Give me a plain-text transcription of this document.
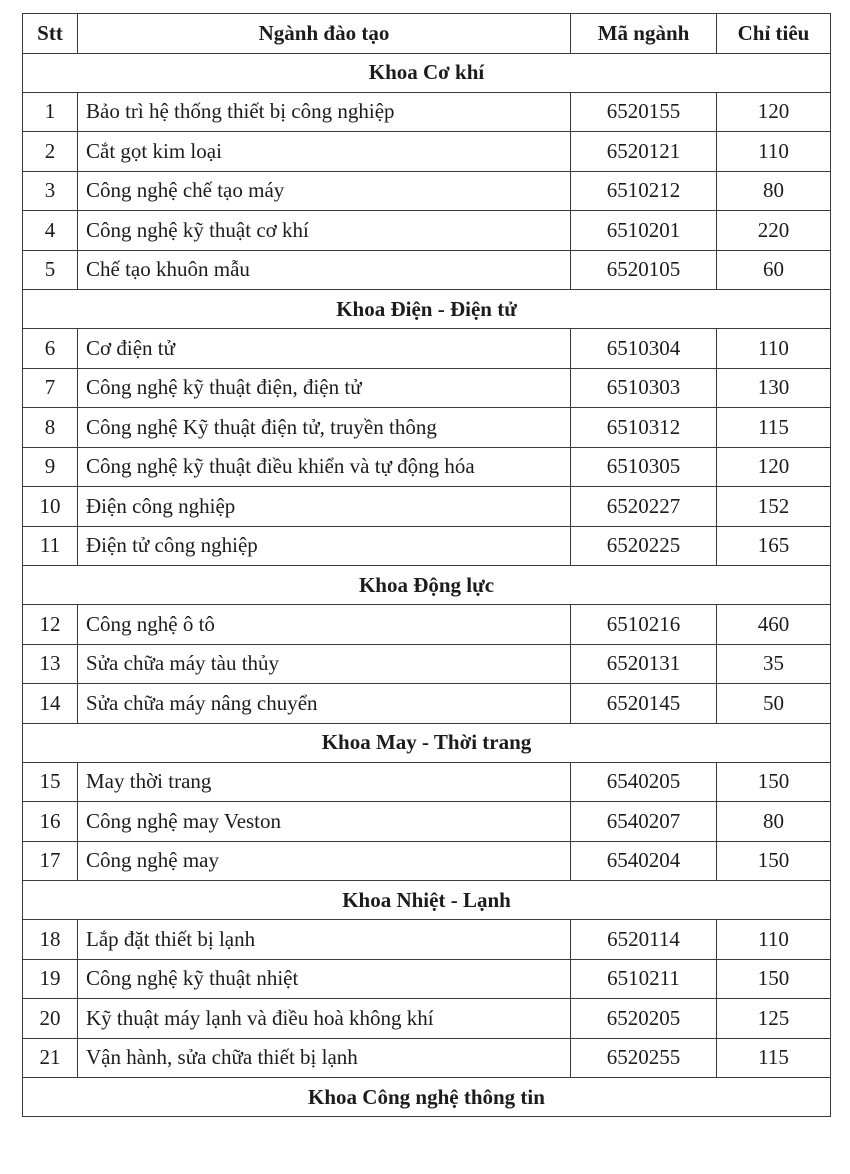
Stt	Ngành đào tạo	Mã ngành	Chỉ tiêu
Khoa Cơ khí			
1	Bảo trì hệ thống thiết bị công nghiệp	6520155	120
2	Cắt gọt kim loại	6520121	110
3	Công nghệ chế tạo máy	6510212	80
4	Công nghệ kỹ thuật cơ khí	6510201	220
5	Chế tạo khuôn mẫu	6520105	60
Khoa Điện - Điện tử			
6	Cơ điện tử	6510304	110
7	Công nghệ kỹ thuật điện, điện tử	6510303	130
8	Công nghệ Kỹ thuật điện tử, truyền thông	6510312	115
9	Công nghệ kỹ thuật điều khiển và tự động hóa	6510305	120
10	Điện công nghiệp	6520227	152
11	Điện tử công nghiệp	6520225	165
Khoa Động lực			
12	Công nghệ ô tô	6510216	460
13	Sửa chữa máy tàu thủy	6520131	35
14	Sửa chữa máy nâng chuyển	6520145	50
Khoa May - Thời trang			
15	May thời trang	6540205	150
16	Công nghệ may Veston	6540207	80
17	Công nghệ may	6540204	150
Khoa Nhiệt - Lạnh			
18	Lắp đặt thiết bị lạnh	6520114	110
19	Công nghệ kỹ thuật nhiệt	6510211	150
20	Kỹ thuật máy lạnh và điều hoà không khí	6520205	125
21	Vận hành, sửa chữa thiết bị lạnh	6520255	115
Khoa Công nghệ thông tin			
